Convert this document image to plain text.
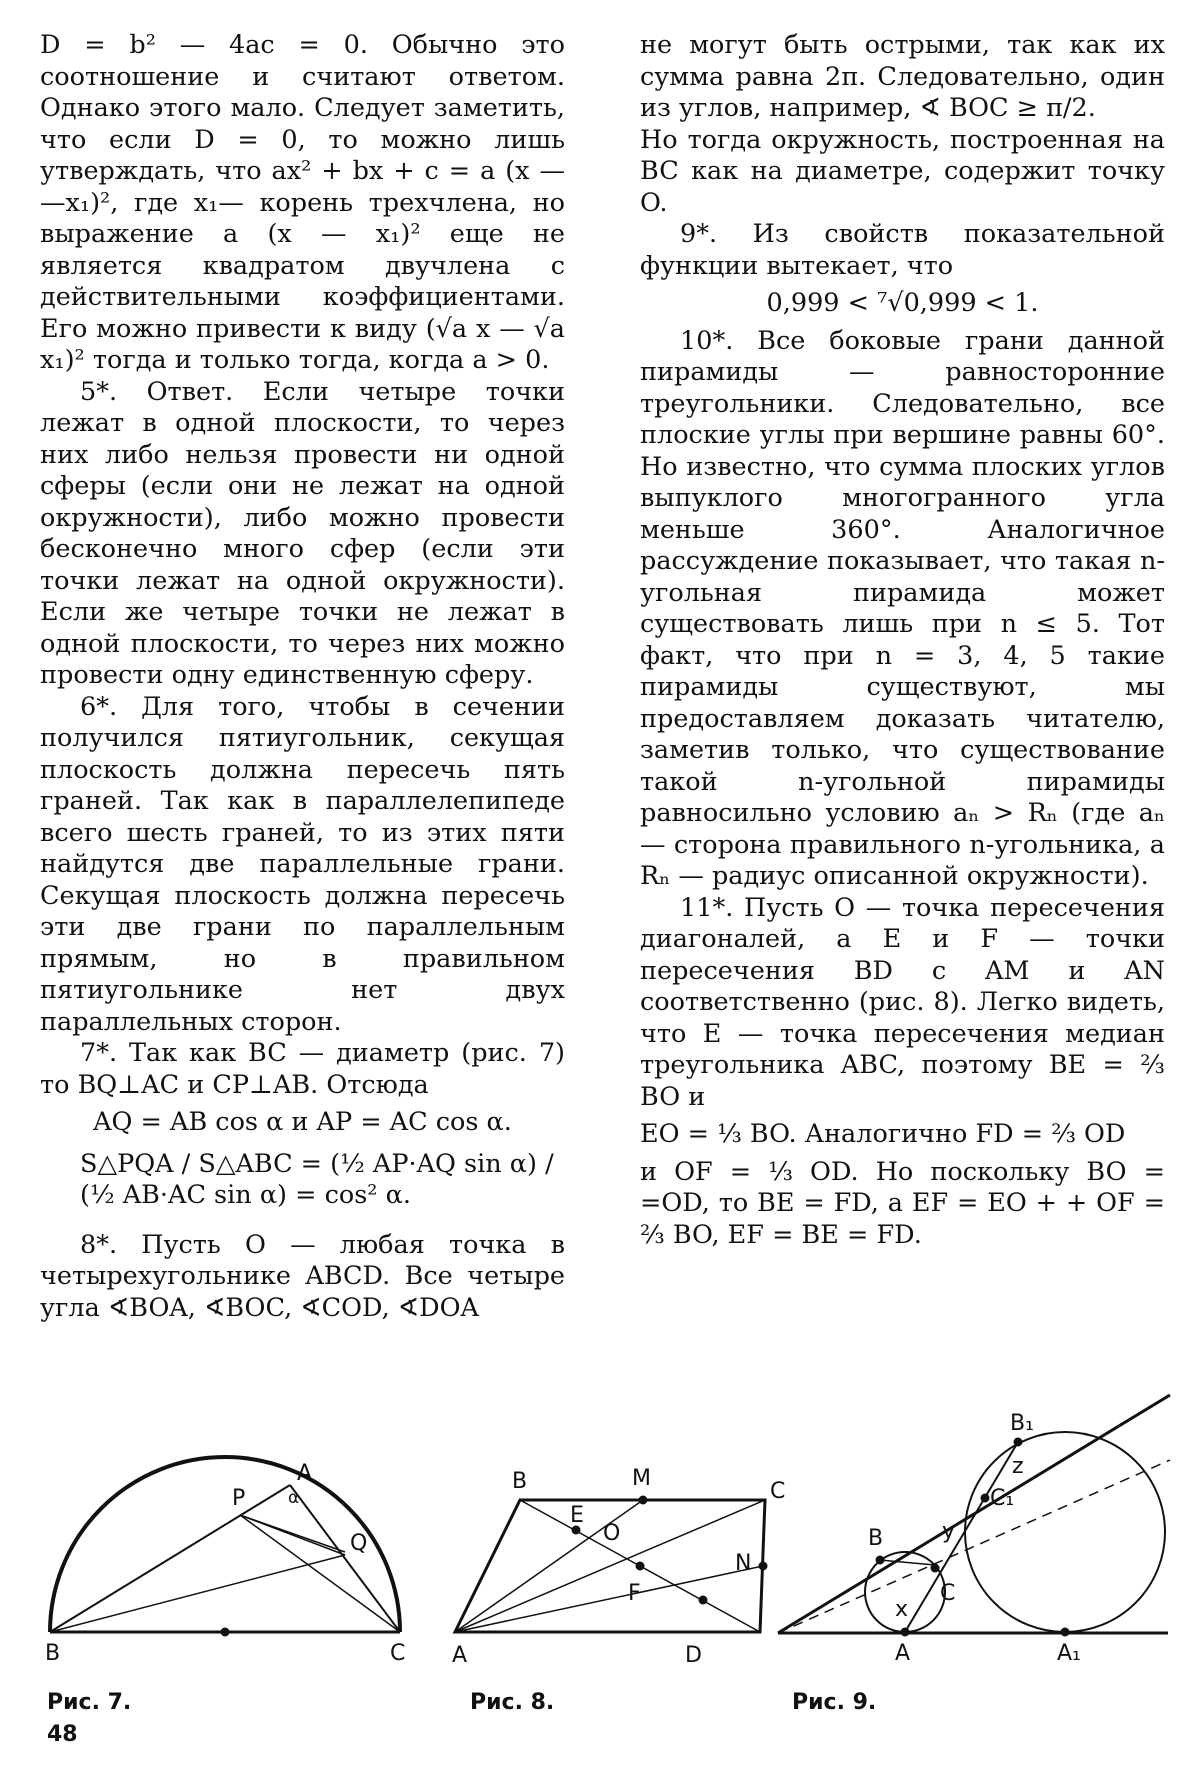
D = b² — 4ac = 0. Обычно это соотношение и считают ответом. Однако этого мало. Следует заметить, что если D = 0, то можно лишь утверждать, что ax² + bx + c = a (x — —x₁)², где x₁— корень трехчлена, но выражение a (x — x₁)² еще не является квадратом двучлена с действительными коэффициентами. Его можно привести к виду (√a x — √a x₁)² тогда и только тогда, когда a > 0.

5*. Ответ. Если четыре точки лежат в одной плоскости, то через них либо нельзя провести ни одной сферы (если они не лежат на одной окружности), либо можно провести бесконечно много сфер (если эти точки лежат на одной окружности). Если же четыре точки не лежат в одной плоскости, то через них можно провести одну единственную сферу.

6*. Для того, чтобы в сечении получился пятиугольник, секущая плоскость должна пересечь пять граней. Так как в параллелепипеде всего шесть граней, то из этих пяти найдутся две параллельные грани. Секущая плоскость должна пересечь эти две грани по параллельным прямым, но в правильном пятиугольнике нет двух параллельных сторон.

7*. Так как BC — диаметр (рис. 7) то BQ⊥AC и CP⊥AB. Отсюда

AQ = AB cos α и AP = AC cos α.

S△PQA / S△ABC = (½ AP·AQ sin α) / (½ AB·AC sin α) = cos² α.

8*. Пусть O — любая точка в четырехугольнике ABCD. Все четыре угла ∢BOA, ∢BOC, ∢COD, ∢DOA

не могут быть острыми, так как их сумма равна 2π. Следовательно, один из углов, например, ∢ BOC ≥ π/2.

Но тогда окружность, построенная на BC как на диаметре, содержит точку O.

9*. Из свойств показательной функции вытекает, что

0,999 < ⁷√0,999 < 1.

10*. Все боковые грани данной пирамиды — равносторонние треугольники. Следовательно, все плоские углы при вершине равны 60°. Но известно, что сумма плоских углов выпуклого многогранного угла меньше 360°. Аналогичное рассуждение показывает, что такая n-угольная пирамида может существовать лишь при n ≤ 5. Тот факт, что при n = 3, 4, 5 такие пирамиды существуют, мы предоставляем доказать читателю, заметив только, что существование такой n-угольной пирамиды равносильно условию aₙ > Rₙ (где aₙ — сторона правильного n-угольника, а Rₙ — радиус описанной окружности).

11*. Пусть O — точка пересечения диагоналей, а E и F — точки пересечения BD с AM и AN соответственно (рис. 8). Легко видеть, что E — точка пересечения медиан треугольника ABC, поэтому BE = ⅔ BO и

EO = ⅓ BO. Аналогично FD = ⅔ OD

и OF = ⅓ OD. Но поскольку BO = =OD, то BE = FD, а EF = EO + + OF = ⅔ BO, EF = BE = FD.

A
α
P
Q
B	C
B	M
C
E
O
N
F
A	D
B₁
z
C₁
B	y
C
x
A	A₁
Рис. 7.	Рис. 8.	Рис. 9.
48
